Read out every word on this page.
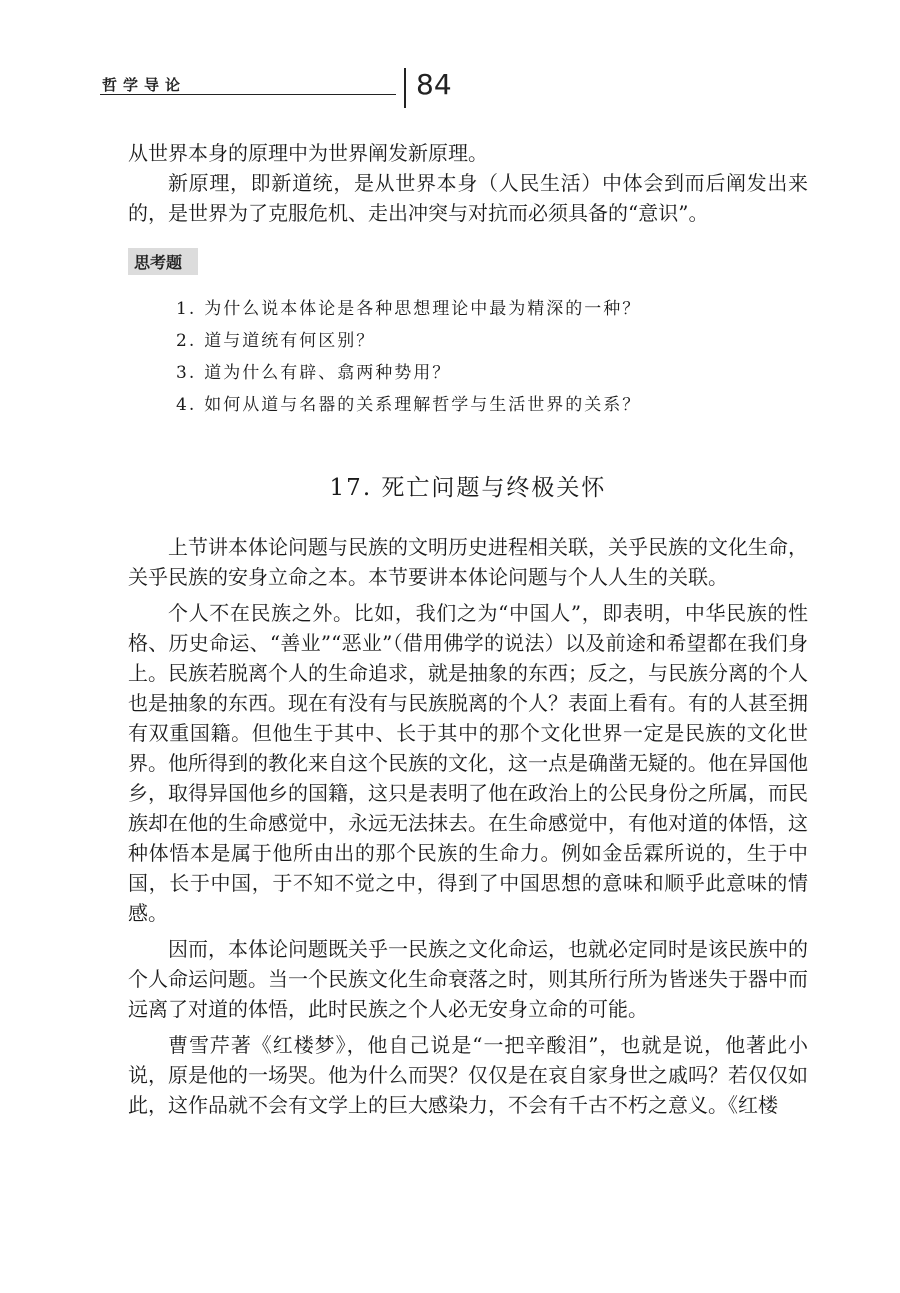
哲学导论	84

从世界本身的原理中为世界阐发新原理。

新原理，即新道统，是从世界本身（人民生活）中体会到而后阐发出来的，是世界为了克服危机、走出冲突与对抗而必须具备的“意识”。

思考题
1. 为什么说本体论是各种思想理论中最为精深的一种？
2. 道与道统有何区别？
3. 道为什么有辟、翕两种势用？
4. 如何从道与名器的关系理解哲学与生活世界的关系？
17. 死亡问题与终极关怀

上节讲本体论问题与民族的文明历史进程相关联，关乎民族的文化生命，关乎民族的安身立命之本。本节要讲本体论问题与个人人生的关联。

个人不在民族之外。比如，我们之为“中国人”，即表明，中华民族的性格、历史命运、“善业”“恶业”（借用佛学的说法）以及前途和希望都在我们身上。民族若脱离个人的生命追求，就是抽象的东西；反之，与民族分离的个人也是抽象的东西。现在有没有与民族脱离的个人？表面上看有。有的人甚至拥有双重国籍。但他生于其中、长于其中的那个文化世界一定是民族的文化世界。他所得到的教化来自这个民族的文化，这一点是确凿无疑的。他在异国他乡，取得异国他乡的国籍，这只是表明了他在政治上的公民身份之所属，而民族却在他的生命感觉中，永远无法抹去。在生命感觉中，有他对道的体悟，这种体悟本是属于他所由出的那个民族的生命力。例如金岳霖所说的，生于中国，长于中国，于不知不觉之中，得到了中国思想的意味和顺乎此意味的情感。

因而，本体论问题既关乎一民族之文化命运，也就必定同时是该民族中的个人命运问题。当一个民族文化生命衰落之时，则其所行所为皆迷失于器中而远离了对道的体悟，此时民族之个人必无安身立命的可能。

曹雪芹著《红楼梦》，他自己说是“一把辛酸泪”，也就是说，他著此小说，原是他的一场哭。他为什么而哭？仅仅是在哀自家身世之戚吗？若仅仅如此，这作品就不会有文学上的巨大感染力，不会有千古不朽之意义。《红楼
